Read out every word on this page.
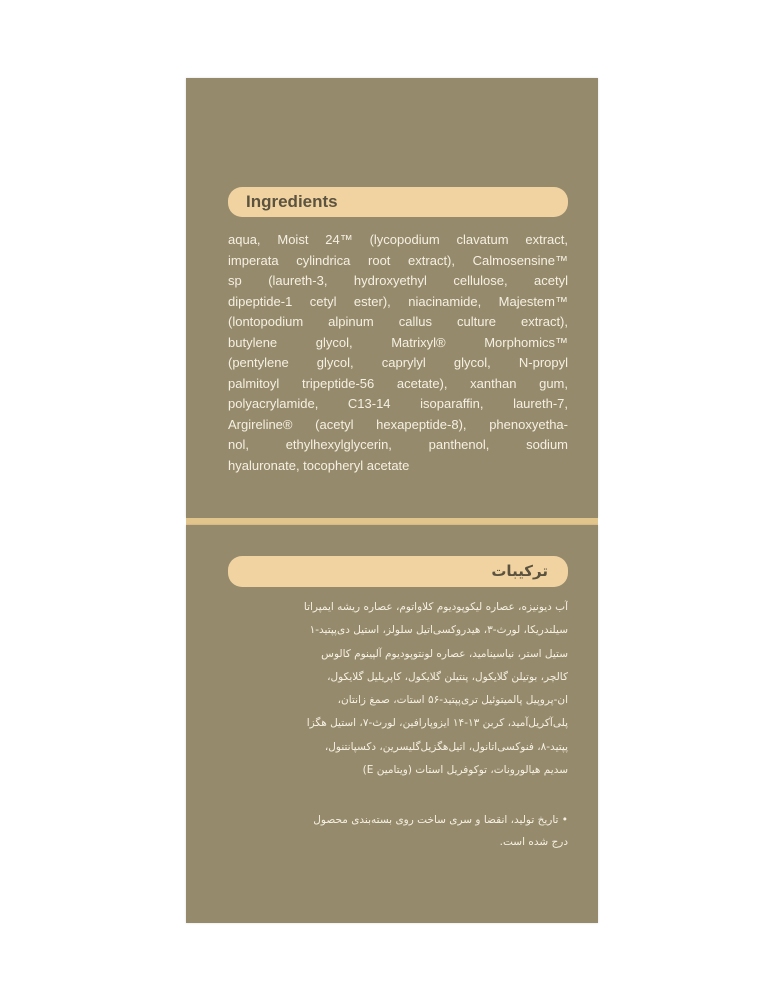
Ingredients
aqua, Moist 24™ (lycopodium clavatum extract,
imperata cylindrica root extract), Calmosensine™
sp (laureth-3, hydroxyethyl cellulose, acetyl
dipeptide-1 cetyl ester), niacinamide, Majestem™
(lontopodium alpinum callus culture extract),
butylene glycol, Matrixyl® Morphomics™
(pentylene glycol, caprylyl glycol, N-propyl
palmitoyl tripeptide-56 acetate), xanthan gum,
polyacrylamide, C13-14 isoparaffin, laureth-7,
Argireline® (acetyl hexapeptide-8), phenoxyetha-
nol, ethylhexylglycerin, panthenol, sodium
hyaluronate, tocopheryl acetate
ترکیبات
آب دیونیزه، عصاره لیکوپودیوم کلاواتوم، عصاره ریشه ایمپراتا
سیلندریکا، لورث-۳، هیدروکسی‌اتیل سلولز، استیل دی‌پپتید-۱
ستیل استر، نیاسینامید، عصاره لونتوپودیوم آلپینوم کالوس
کالچر، بوتیلن گلایکول، پنتیلن گلایکول، کاپریلیل گلایکول،
ان-پروپیل پالمیتوئیل تری‌پپتید-۵۶ استات، صمغ زانتان،
پلی‌آکریل‌آمید، کربن ۱۳-۱۴ ایزوپارافین، لورث-۷، استیل هگزا
پپتید-۸، فنوکسی‌اتانول، اتیل‌هگزیل‌گلیسرین، دکسپانتنول،
سدیم هیالورونات، توکوفریل استات (ویتامین E)
• تاریخ تولید، انقضا و سری ساخت روی بسته‌بندی محصول
درج شده است.
